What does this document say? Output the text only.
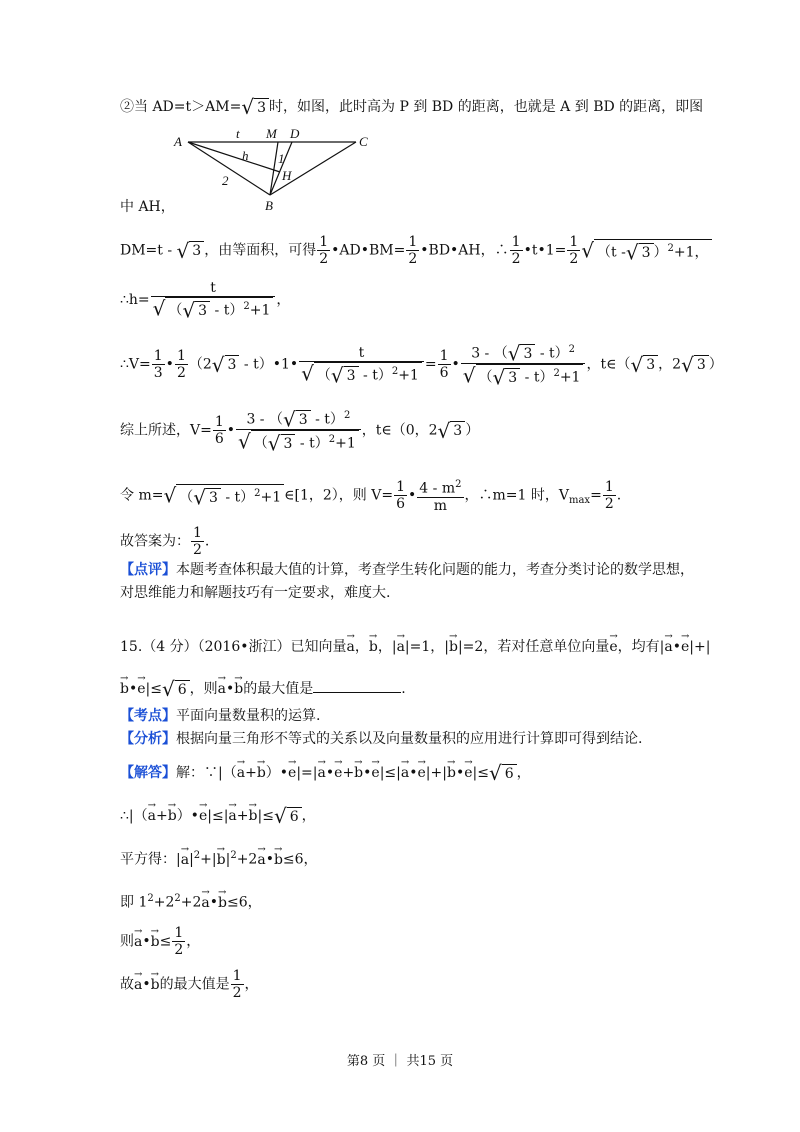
②当 AD=t＞AM=√ 3 时，如图，此时高为 P 到 BD 的距离，也就是 A 到 BD 的距离，即图
A
t M D
C
h 1
H
2
B
中 AH，
DM=t - √ 3 ，由等面积，可得 $\frac{1}{2}$ •AD•BM= $\frac{1}{2}$ •BD•AH，∴ $\frac{1}{2}$ •t•1= $\frac{1}{2}$ √ （t -√ 3 ）$^2$+1，
∴h= $\frac{t}{√ (√ 3 - t)^2+1}$ ，
∴V= $\frac{1}{3}$ • $\frac{1}{2} (2√$ 3 - t）•1• $\frac{t}{√ (√ 3 - t)^2+1} = \frac{1}{6}$ • $\frac{3 - (√ 3 - t)^2}{√ (√ 3 - t)^2+1}$ ，t∈（√ 3 ，2√ 3 ）
综上所述，$V= \frac{1}{6}$ • $\frac{3 - (√ 3 - t)^2}{√ (√ 3 - t)^2+1}$ ，t∈（0，2√ 3 ）
令 m=√ （√ 3 - t）$^2$+1 ∈[1，2），则 $V= \frac{1}{6}$ • $\frac{4 - m^2}{m}$ ，∴m=1 时，$V_{max}= \frac{1}{2}$ .
故答案为： $\frac{1}{2}$ .
【点评】本题考查体积最大值的计算，考查学生转化问题的能力，考查分类讨论的数学思想，
对思维能力和解题技巧有一定要求，难度大.
15.（4 分）（2016•浙江）已知向量→ a，→ b，|→ a|=1，|→ b|=2，若对任意单位向量→ e，均有|→ a•→ e|+|
→ b•→ e|≤√ 6 ，则→ a•→ b的最大值是	.
【考点】平面向量数量积的运算.
【分析】根据向量三角形不等式的关系以及向量数量积的应用进行计算即可得到结论.
【解答】解：∵|（→ a+→ b）•→ e|=|→ a•→ e+→ b•→ e|≤|→ a•→ e|+|→ b•→ e|≤√ 6 ，
∴|（→ a+→ b）•→ e|≤|→ a+→ b|≤√ 6 ，
平方得：|→ $a|^2+|\to b|^2+2\to$ a•→ b≤6，
即 $1^2+2^2+2\to$ a•→ b≤6，
则→ a•→ $b\le \frac{1}{2}$ ，
故→ a•→ b的最大值是 $\frac{1}{2}$ ，
第8 页 ｜ 共15 页
